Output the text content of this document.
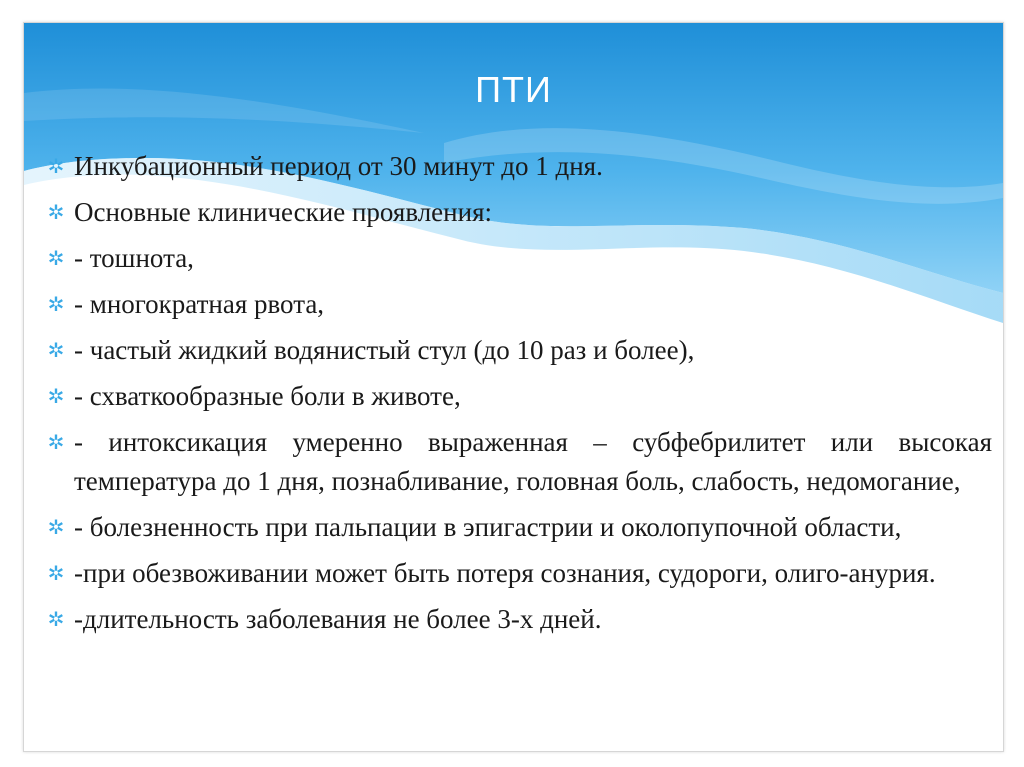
ПТИ
✲ Инкубационный период от 30 минут до 1 дня.
✲ Основные клинические проявления:
✲ - тошнота,
✲ - многократная рвота,
✲ - частый жидкий водянистый стул (до 10 раз и более),
✲ - схваткообразные боли в животе,
✲ - интоксикация умеренно выраженная – субфебрилитет или высокая температура до 1 дня, познабливание, головная боль, слабость, недомогание,
✲ - болезненность при пальпации в эпигастрии и околопупочной области,
✲ -при обезвоживании может быть потеря сознания, судороги, олиго-анурия.
✲ -длительность заболевания не более 3-х дней.
